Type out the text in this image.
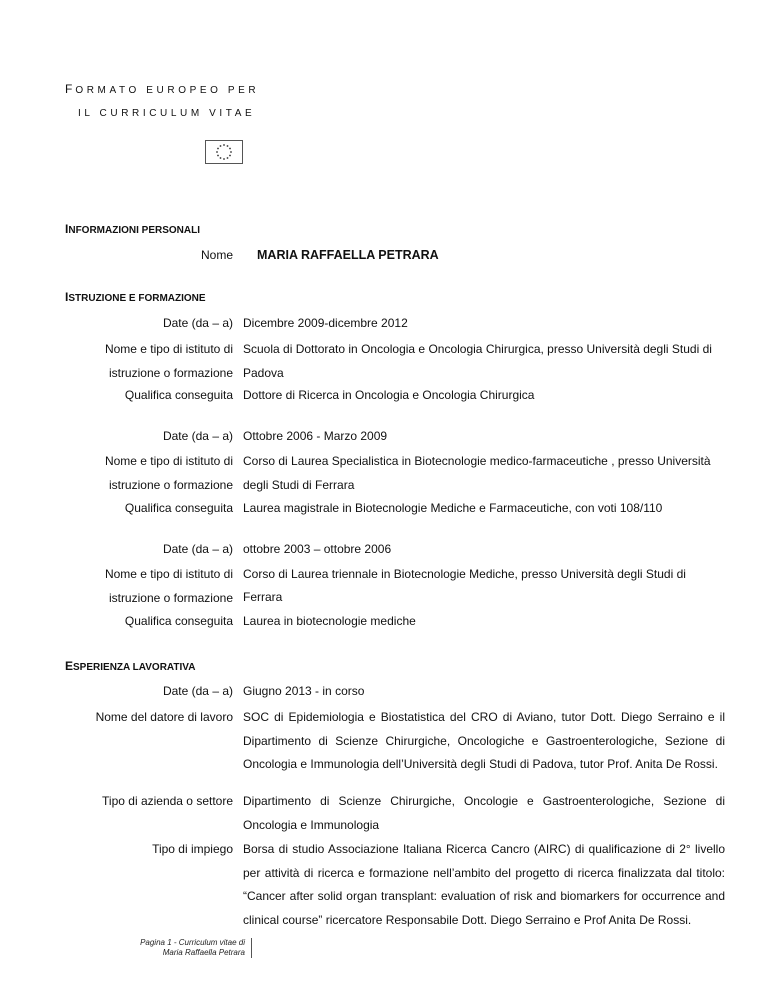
FORMATO EUROPEO PER
IL CURRICULUM VITAE
INFORMAZIONI PERSONALI
Nome MARIA RAFFAELLA PETRARA
ISTRUZIONE E FORMAZIONE
Date (da – a) Dicembre 2009-dicembre 2012
Nome e tipo di istituto di Scuola di Dottorato in Oncologia e Oncologia Chirurgica, presso Università degli Studi di
istruzione o formazione Padova
Qualifica conseguita Dottore di Ricerca in Oncologia e Oncologia Chirurgica
Date (da – a) Ottobre 2006 - Marzo 2009
Nome e tipo di istituto di Corso di Laurea Specialistica in Biotecnologie medico-farmaceutiche , presso Università
istruzione o formazione degli Studi di Ferrara
Qualifica conseguita Laurea magistrale in Biotecnologie Mediche e Farmaceutiche, con voti 108/110
Date (da – a) ottobre 2003 – ottobre 2006
Nome e tipo di istituto di Corso di Laurea triennale in Biotecnologie Mediche, presso Università degli Studi di Ferrara
istruzione o formazione
Qualifica conseguita Laurea in biotecnologie mediche
ESPERIENZA LAVORATIVA
Date (da – a) Giugno 2013 - in corso
Nome del datore di lavoro SOC di Epidemiologia e Biostatistica del CRO di Aviano, tutor Dott. Diego Serraino e il Dipartimento di Scienze Chirurgiche, Oncologiche e Gastroenterologiche, Sezione di Oncologia e Immunologia dell’Università degli Studi di Padova, tutor Prof. Anita De Rossi.
Tipo di azienda o settore Dipartimento di Scienze Chirurgiche, Oncologie e Gastroenterologiche, Sezione di Oncologia e Immunologia
Tipo di impiego Borsa di studio Associazione Italiana Ricerca Cancro (AIRC) di qualificazione di 2° livello per attività di ricerca e formazione nell’ambito del progetto di ricerca finalizzata dal titolo: “Cancer after solid organ transplant: evaluation of risk and biomarkers for occurrence and clinical course” ricercatore Responsabile Dott. Diego Serraino e Prof Anita De Rossi.
Pagina 1 - Curriculum vitae di
Maria Raffaella Petrara
